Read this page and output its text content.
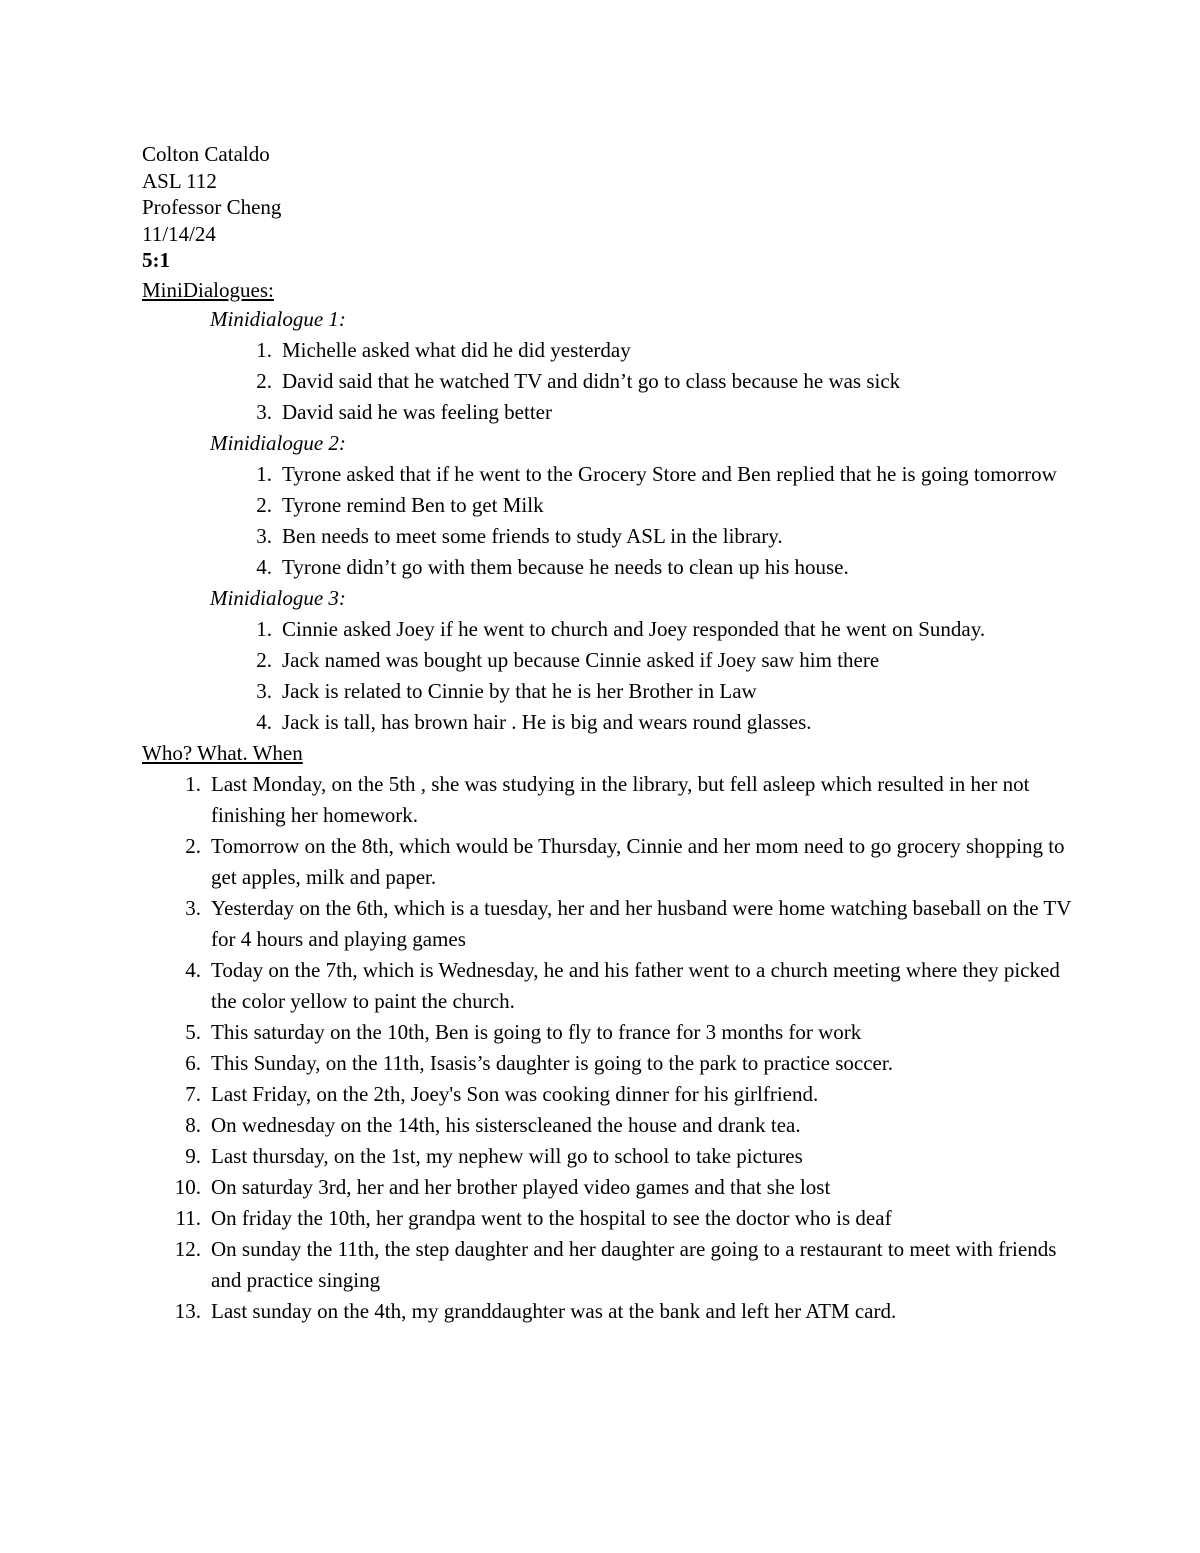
Colton Cataldo
ASL 112
Professor Cheng
11/14/24
5:1
MiniDialogues:
Minidialogue 1:
1. Michelle asked what did he did yesterday
2. David said that he watched TV and didn’t go to class because he was sick
3. David said he was feeling better
Minidialogue 2:
1. Tyrone asked that if he went to the Grocery Store and Ben replied that he is going tomorrow
2. Tyrone remind Ben to get Milk
3. Ben needs to meet some friends to study ASL in the library.
4. Tyrone didn’t go with them because he needs to clean up his house.
Minidialogue 3:
1. Cinnie asked Joey if he went to church and Joey responded that he went on Sunday.
2. Jack named was bought up because Cinnie asked if Joey saw him there
3. Jack is related to Cinnie by that he is her Brother in Law
4. Jack is tall, has brown hair . He is big and wears round glasses.
Who? What. When
1. Last Monday, on the 5th , she was studying in the library, but fell asleep which resulted in her not finishing her homework.
2. Tomorrow on the 8th, which would be Thursday, Cinnie and her mom need to go grocery shopping to get apples, milk and paper.
3. Yesterday on the 6th, which is a tuesday, her and her husband were home watching baseball on the TV for 4 hours and playing games
4. Today on the 7th, which is Wednesday, he and his father went to a church meeting where they picked the color yellow to paint the church.
5. This saturday on the 10th, Ben is going to fly to france for 3 months for work
6. This Sunday, on the 11th, Isasis’s daughter is going to the park to practice soccer.
7. Last Friday, on the 2th, Joey's Son was cooking dinner for his girlfriend.
8. On wednesday on the 14th, his sisterscleaned the house and drank tea.
9. Last thursday, on the 1st, my nephew will go to school to take pictures
10. On saturday 3rd, her and her brother played video games and that she lost
11. On friday the 10th, her grandpa went to the hospital to see the doctor who is deaf
12. On sunday the 11th, the step daughter and her daughter are going to a restaurant to meet with friends and practice singing
13. Last sunday on the 4th, my granddaughter was at the bank and left her ATM card.
